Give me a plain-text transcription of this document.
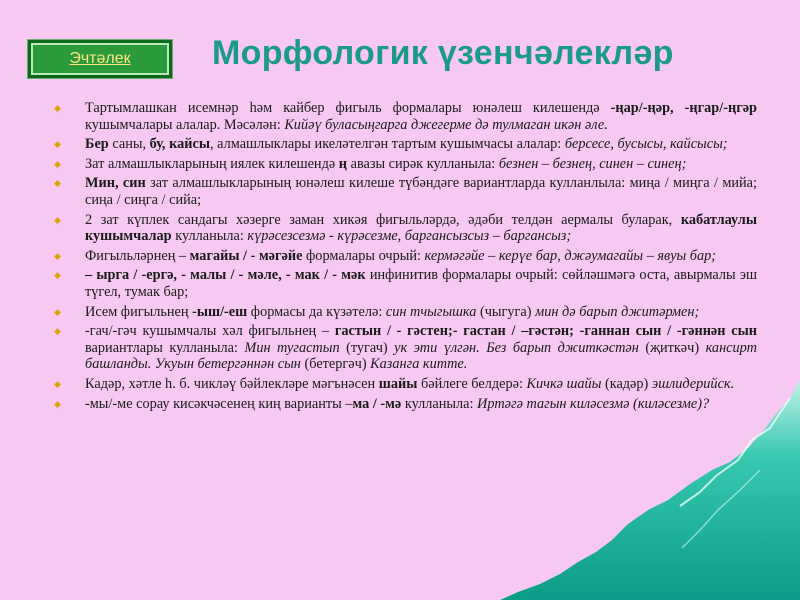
Эчтәлек	Морфологик үзенчәлекләр
◆ Тартымлашкан исемнәр һәм кайбер фигыль формалары юнәлеш килешендә -ңар/-ңәр, -ңгар/-ңгәр кушымчалары алалар. Мәсәлән: Кийәү буласыңгарга джегерме дә тулмаган икән әле.
◆ Бер саны, бу, кайсы, алмашлыклары икеләтелгән тартым кушымчасы алалар: берсесе, бусысы, кайсысы;
◆ Зат алмашлыкларының иялек килешендә ң авазы сирәк кулланыла: безнен – безнең, синен – синең;
◆ Мин, син зат алмашлыкларының юнәлеш килеше түбәндәге вариантларда кулланлыла: миңа / миңга / мийа; сиңа / сиңга / сийа;
◆ 2 зат күплек сандагы хәзерге заман хикәя фигыльләрдә, әдәби телдән аермалы буларак, кабатлаулы кушымчалар кулланыла: күрәсезсезмә - күрәсезме, баргансызсыз – баргансыз;
◆ Фигыльләрнең – магайы / - мәгәйе формалары очрый: кермәгәйе – керүе бар, джәумагайы – явуы бар;
◆ – ырга / -ергә, - малы / - мәле, - мак / - мәк инфинитив формалары очрый: сөйләшмәгә оста, авырмалы эш түгел, тумак бар;
◆ Исем фигыльнең -ыш/-еш формасы да күзәтелә: син тчыгышка (чыгуга) мин дә барып джитәрмен;
◆ -гач/-гәч кушымчалы хәл фигыльнең – гастын / - гәстен;- гастан / –гәстән; -ганнан сын / -гәннән сын вариантлары кулланыла: Мин тугастып (тугач) ук эти үлгән. Без барып джиткәстән (җиткәч) кансирт башланды. Укуын бетергәннән сын (бетергәч) Казанга китте.
◆ Кадәр, хәтле һ. б. чикләү бәйлекләре мәгънәсен шайы бәйлеге белдерә: Кичкә шайы (кадәр) эшлидерийск.
◆ -мы/-ме сорау кисәкчәсенең киң варианты –ма / -мә кулланыла: Иртәгә тагын киләсезмә (киләсезме)?
